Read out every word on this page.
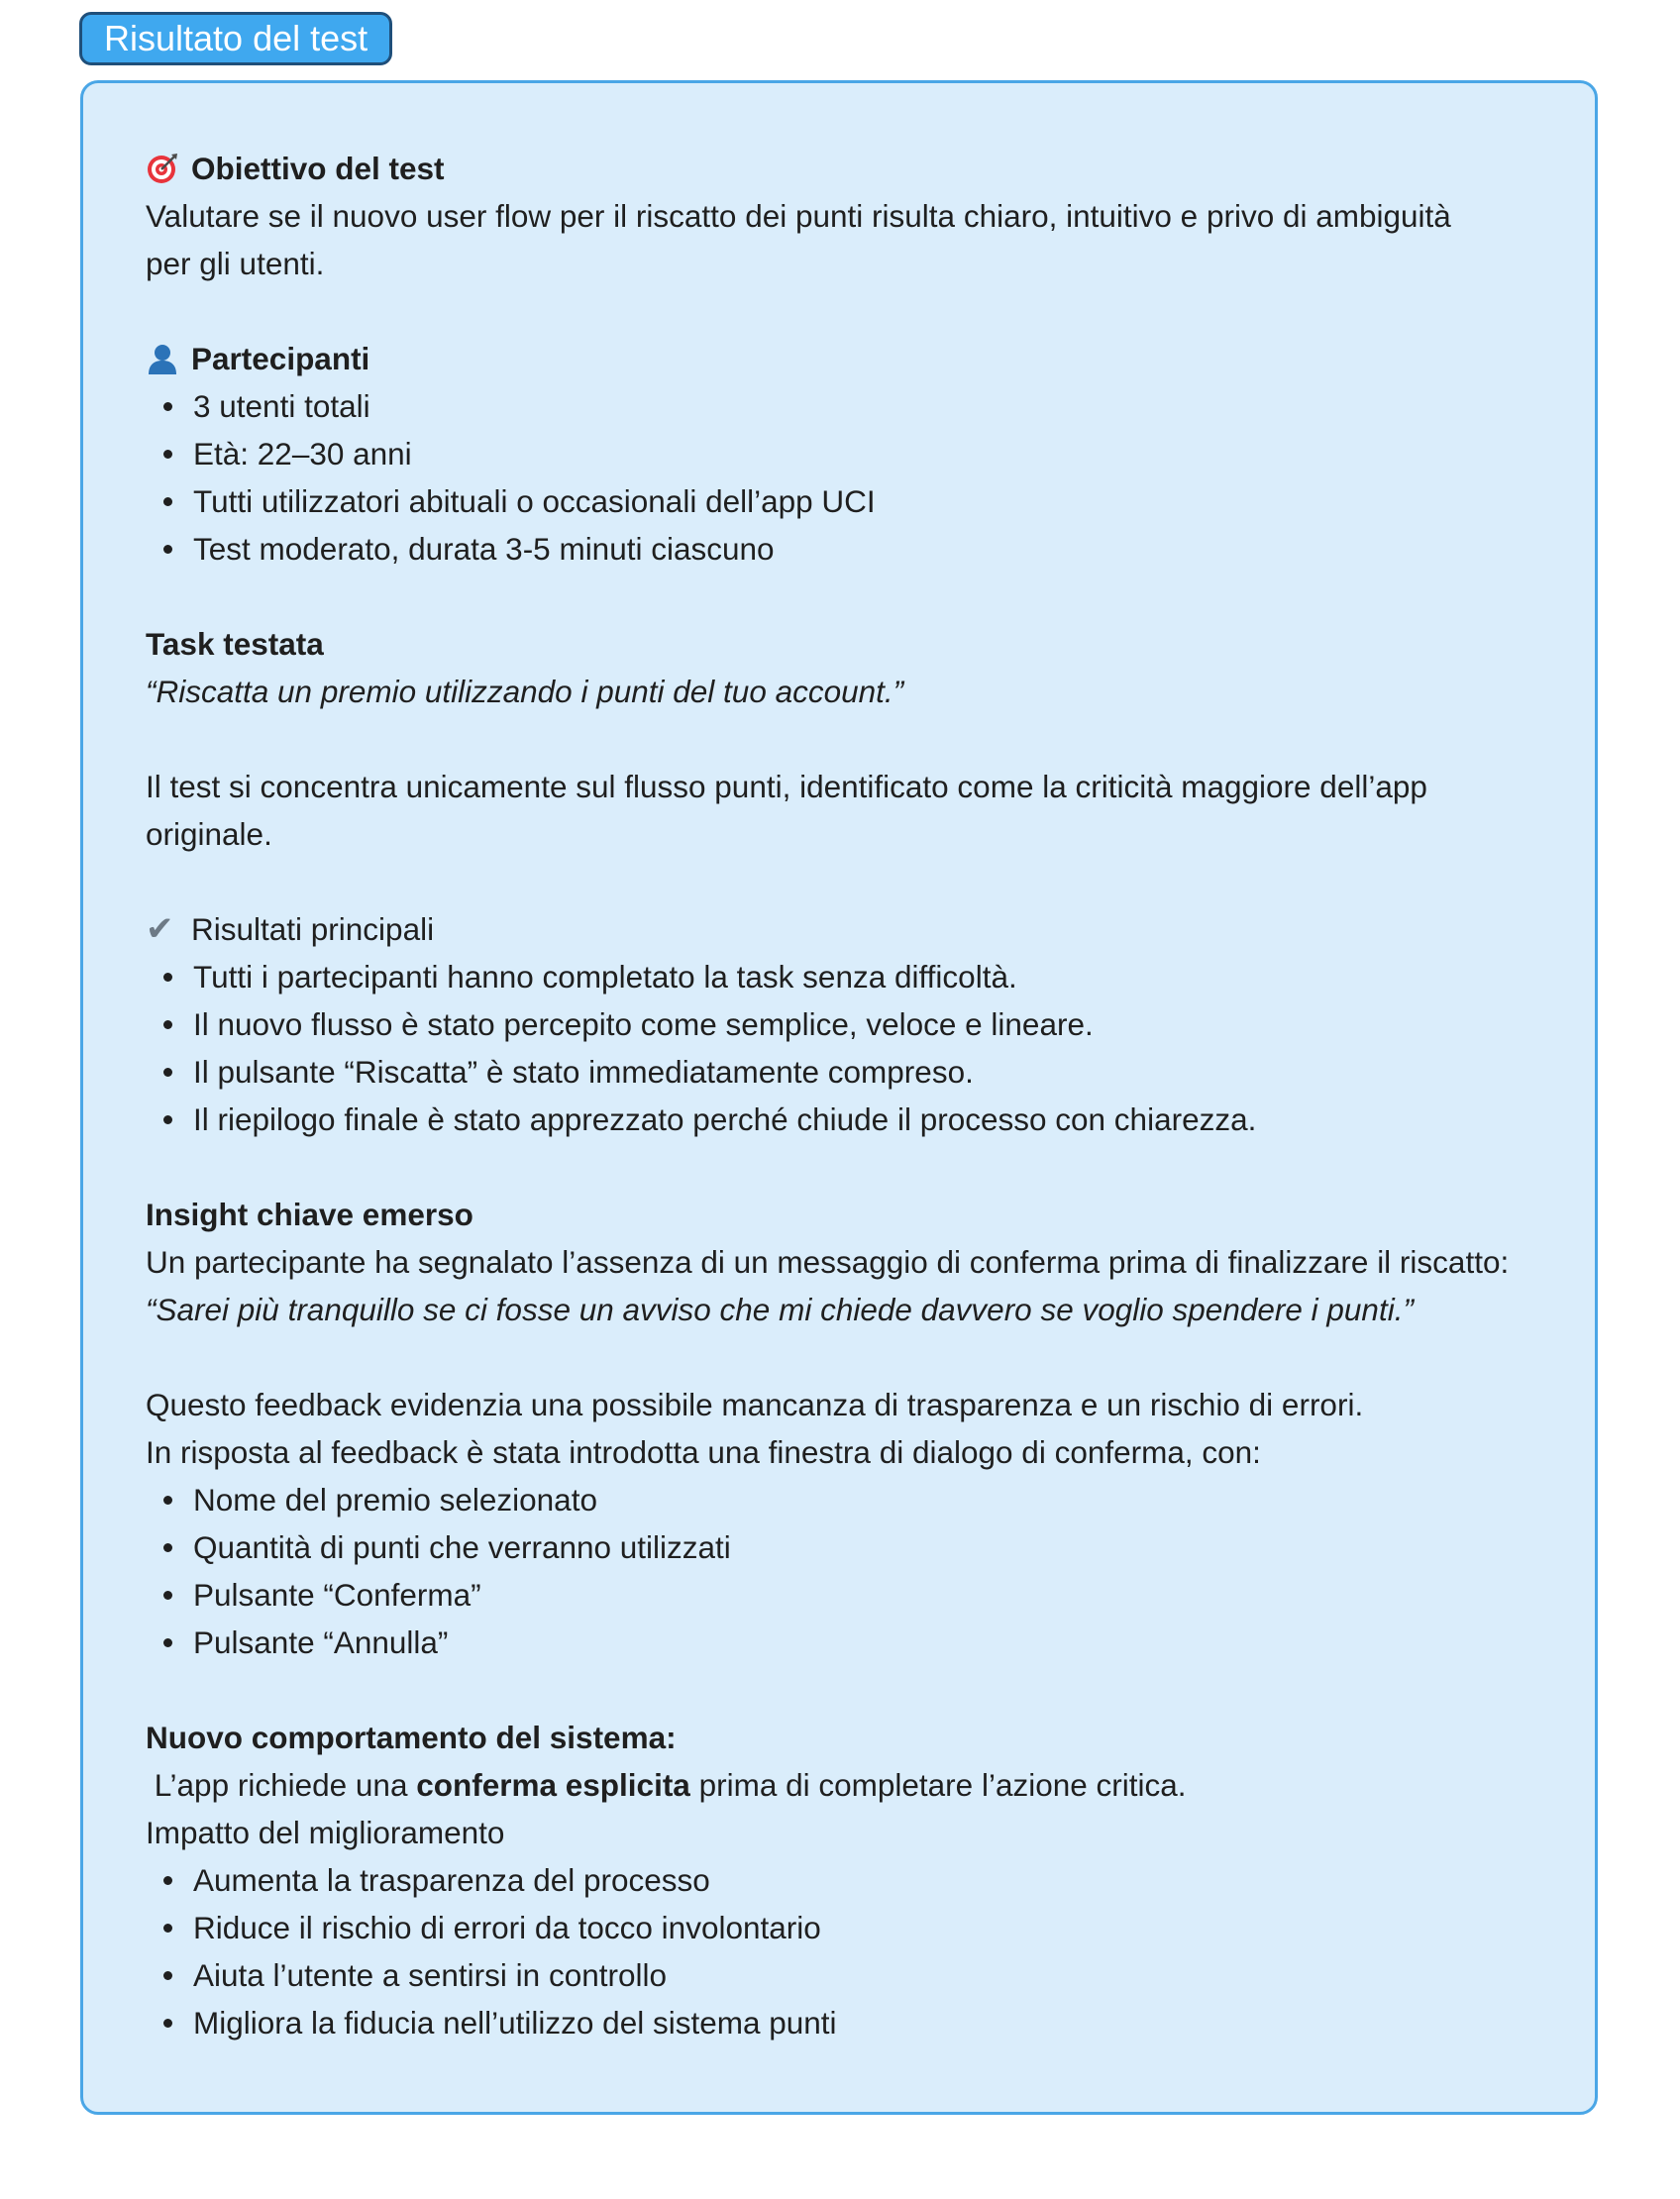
Risultato del test
Obiettivo del test
Valutare se il nuovo user flow per il riscatto dei punti risulta chiaro, intuitivo e privo di ambiguità
per gli utenti.
Partecipanti
3 utenti totali
Età: 22–30 anni
Tutti utilizzatori abituali o occasionali dell’app UCI
Test moderato, durata 3-5 minuti ciascuno
Task testata
“Riscatta un premio utilizzando i punti del tuo account.”
Il test si concentra unicamente sul flusso punti, identificato come la criticità maggiore dell’app
originale.
✔ Risultati principali
Tutti i partecipanti hanno completato la task senza difficoltà.
Il nuovo flusso è stato percepito come semplice, veloce e lineare.
Il pulsante “Riscatta” è stato immediatamente compreso.
Il riepilogo finale è stato apprezzato perché chiude il processo con chiarezza.
Insight chiave emerso
Un partecipante ha segnalato l’assenza di un messaggio di conferma prima di finalizzare il riscatto:
“Sarei più tranquillo se ci fosse un avviso che mi chiede davvero se voglio spendere i punti.”
Questo feedback evidenzia una possibile mancanza di trasparenza e un rischio di errori.
In risposta al feedback è stata introdotta una finestra di dialogo di conferma, con:
Nome del premio selezionato
Quantità di punti che verranno utilizzati
Pulsante “Conferma”
Pulsante “Annulla”
Nuovo comportamento del sistema:
L’app richiede una conferma esplicita prima di completare l’azione critica.
Impatto del miglioramento
Aumenta la trasparenza del processo
Riduce il rischio di errori da tocco involontario
Aiuta l’utente a sentirsi in controllo
Migliora la fiducia nell’utilizzo del sistema punti
